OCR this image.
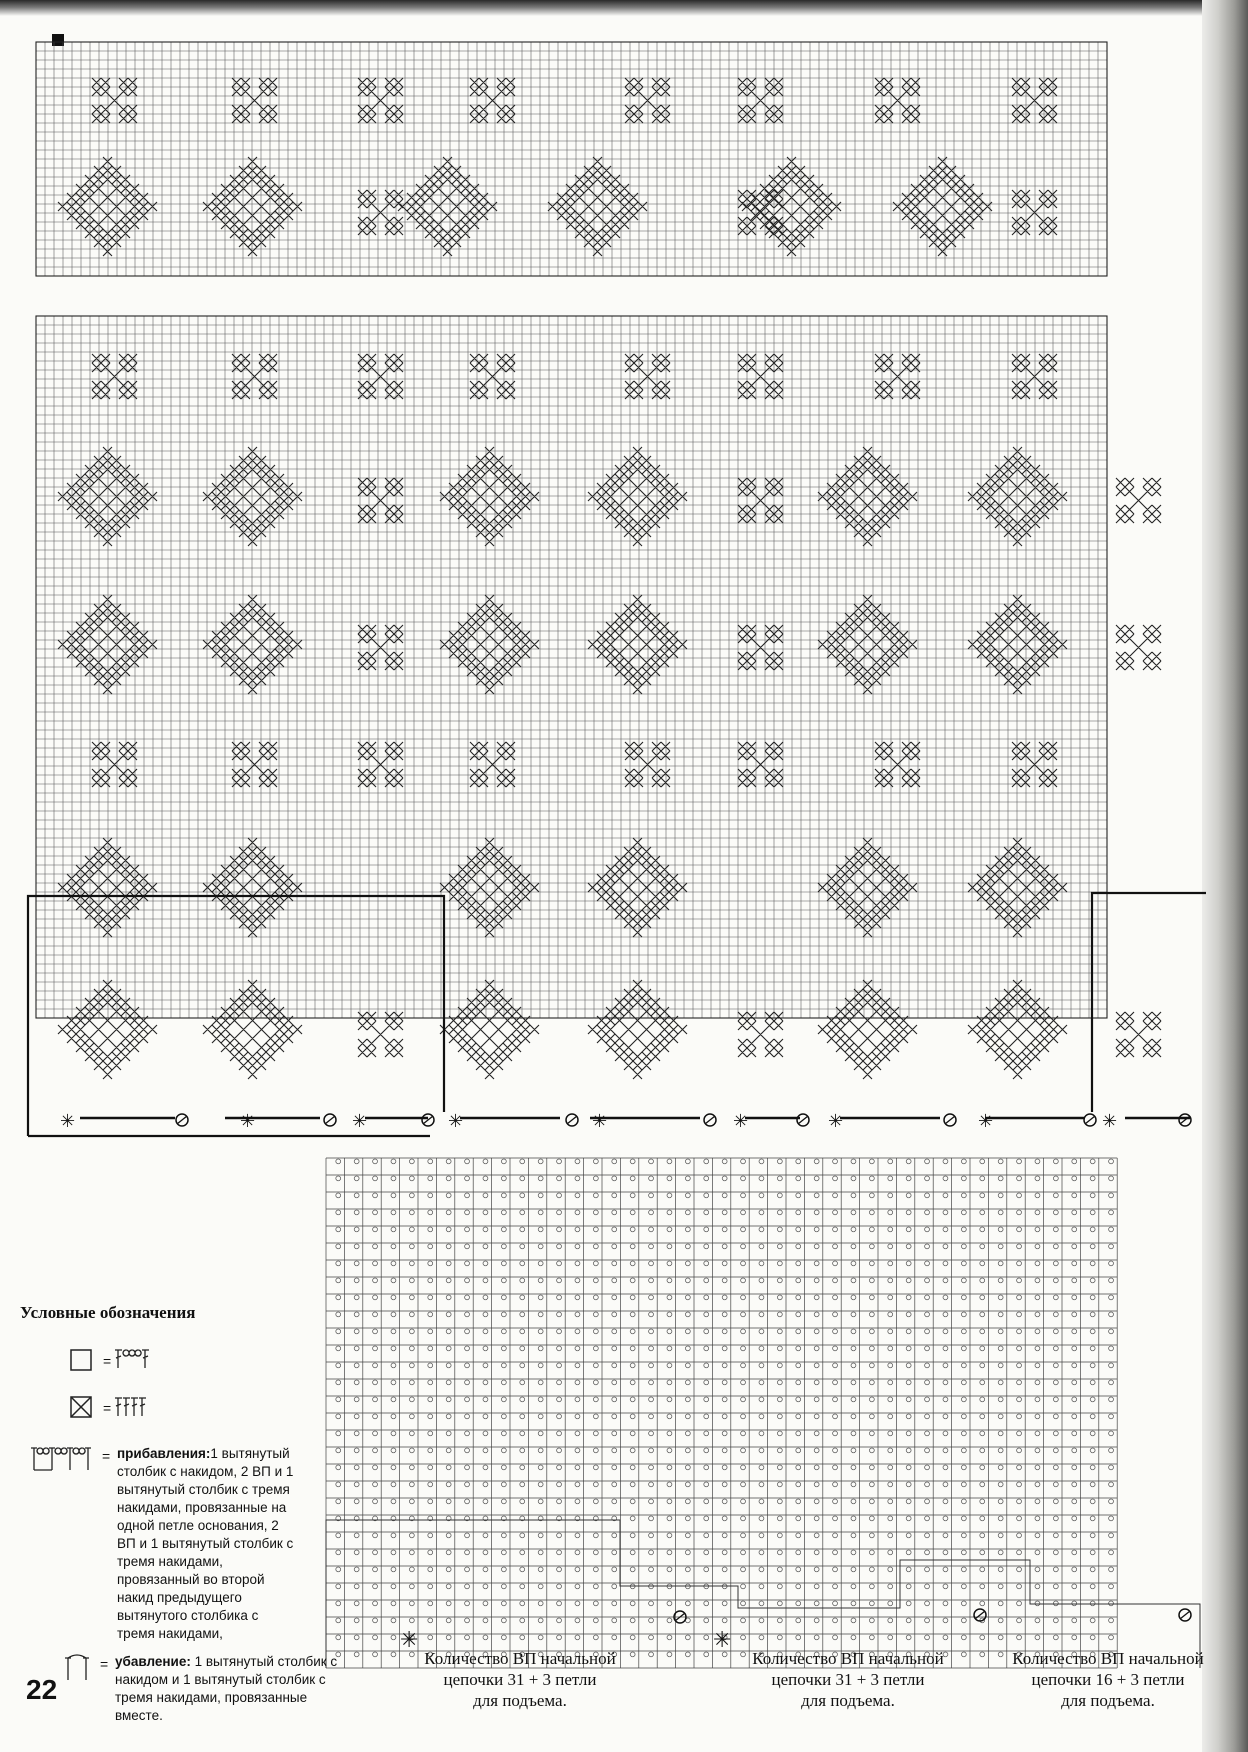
✳	✳	✳	✳	✳	✳	✳	✳	✳
Условные обозначения
=
=
= прибавления:1 вытянутый столбик с накидом, 2 ВП и 1 вытянутый столбик с тремя накидами, провязанные на одной петле основания, 2 ВП и 1 вытянутый столбик с тремя накидами, провязанный во второй накид предыдущего вытянутого столбика с тремя накидами,
= убавление: 1 вытянутый столбик с накидом и 1 вытянутый столбик с тремя накидами, провязанные вместе.
22
✳
Количество ВП начальной
цепочки 31 + 3 петли
для подъема.
✳
Количество ВП начальной
цепочки 31 + 3 петли
для подъема.
Количество ВП начальной
цепочки 16 + 3 петли
для подъема.
